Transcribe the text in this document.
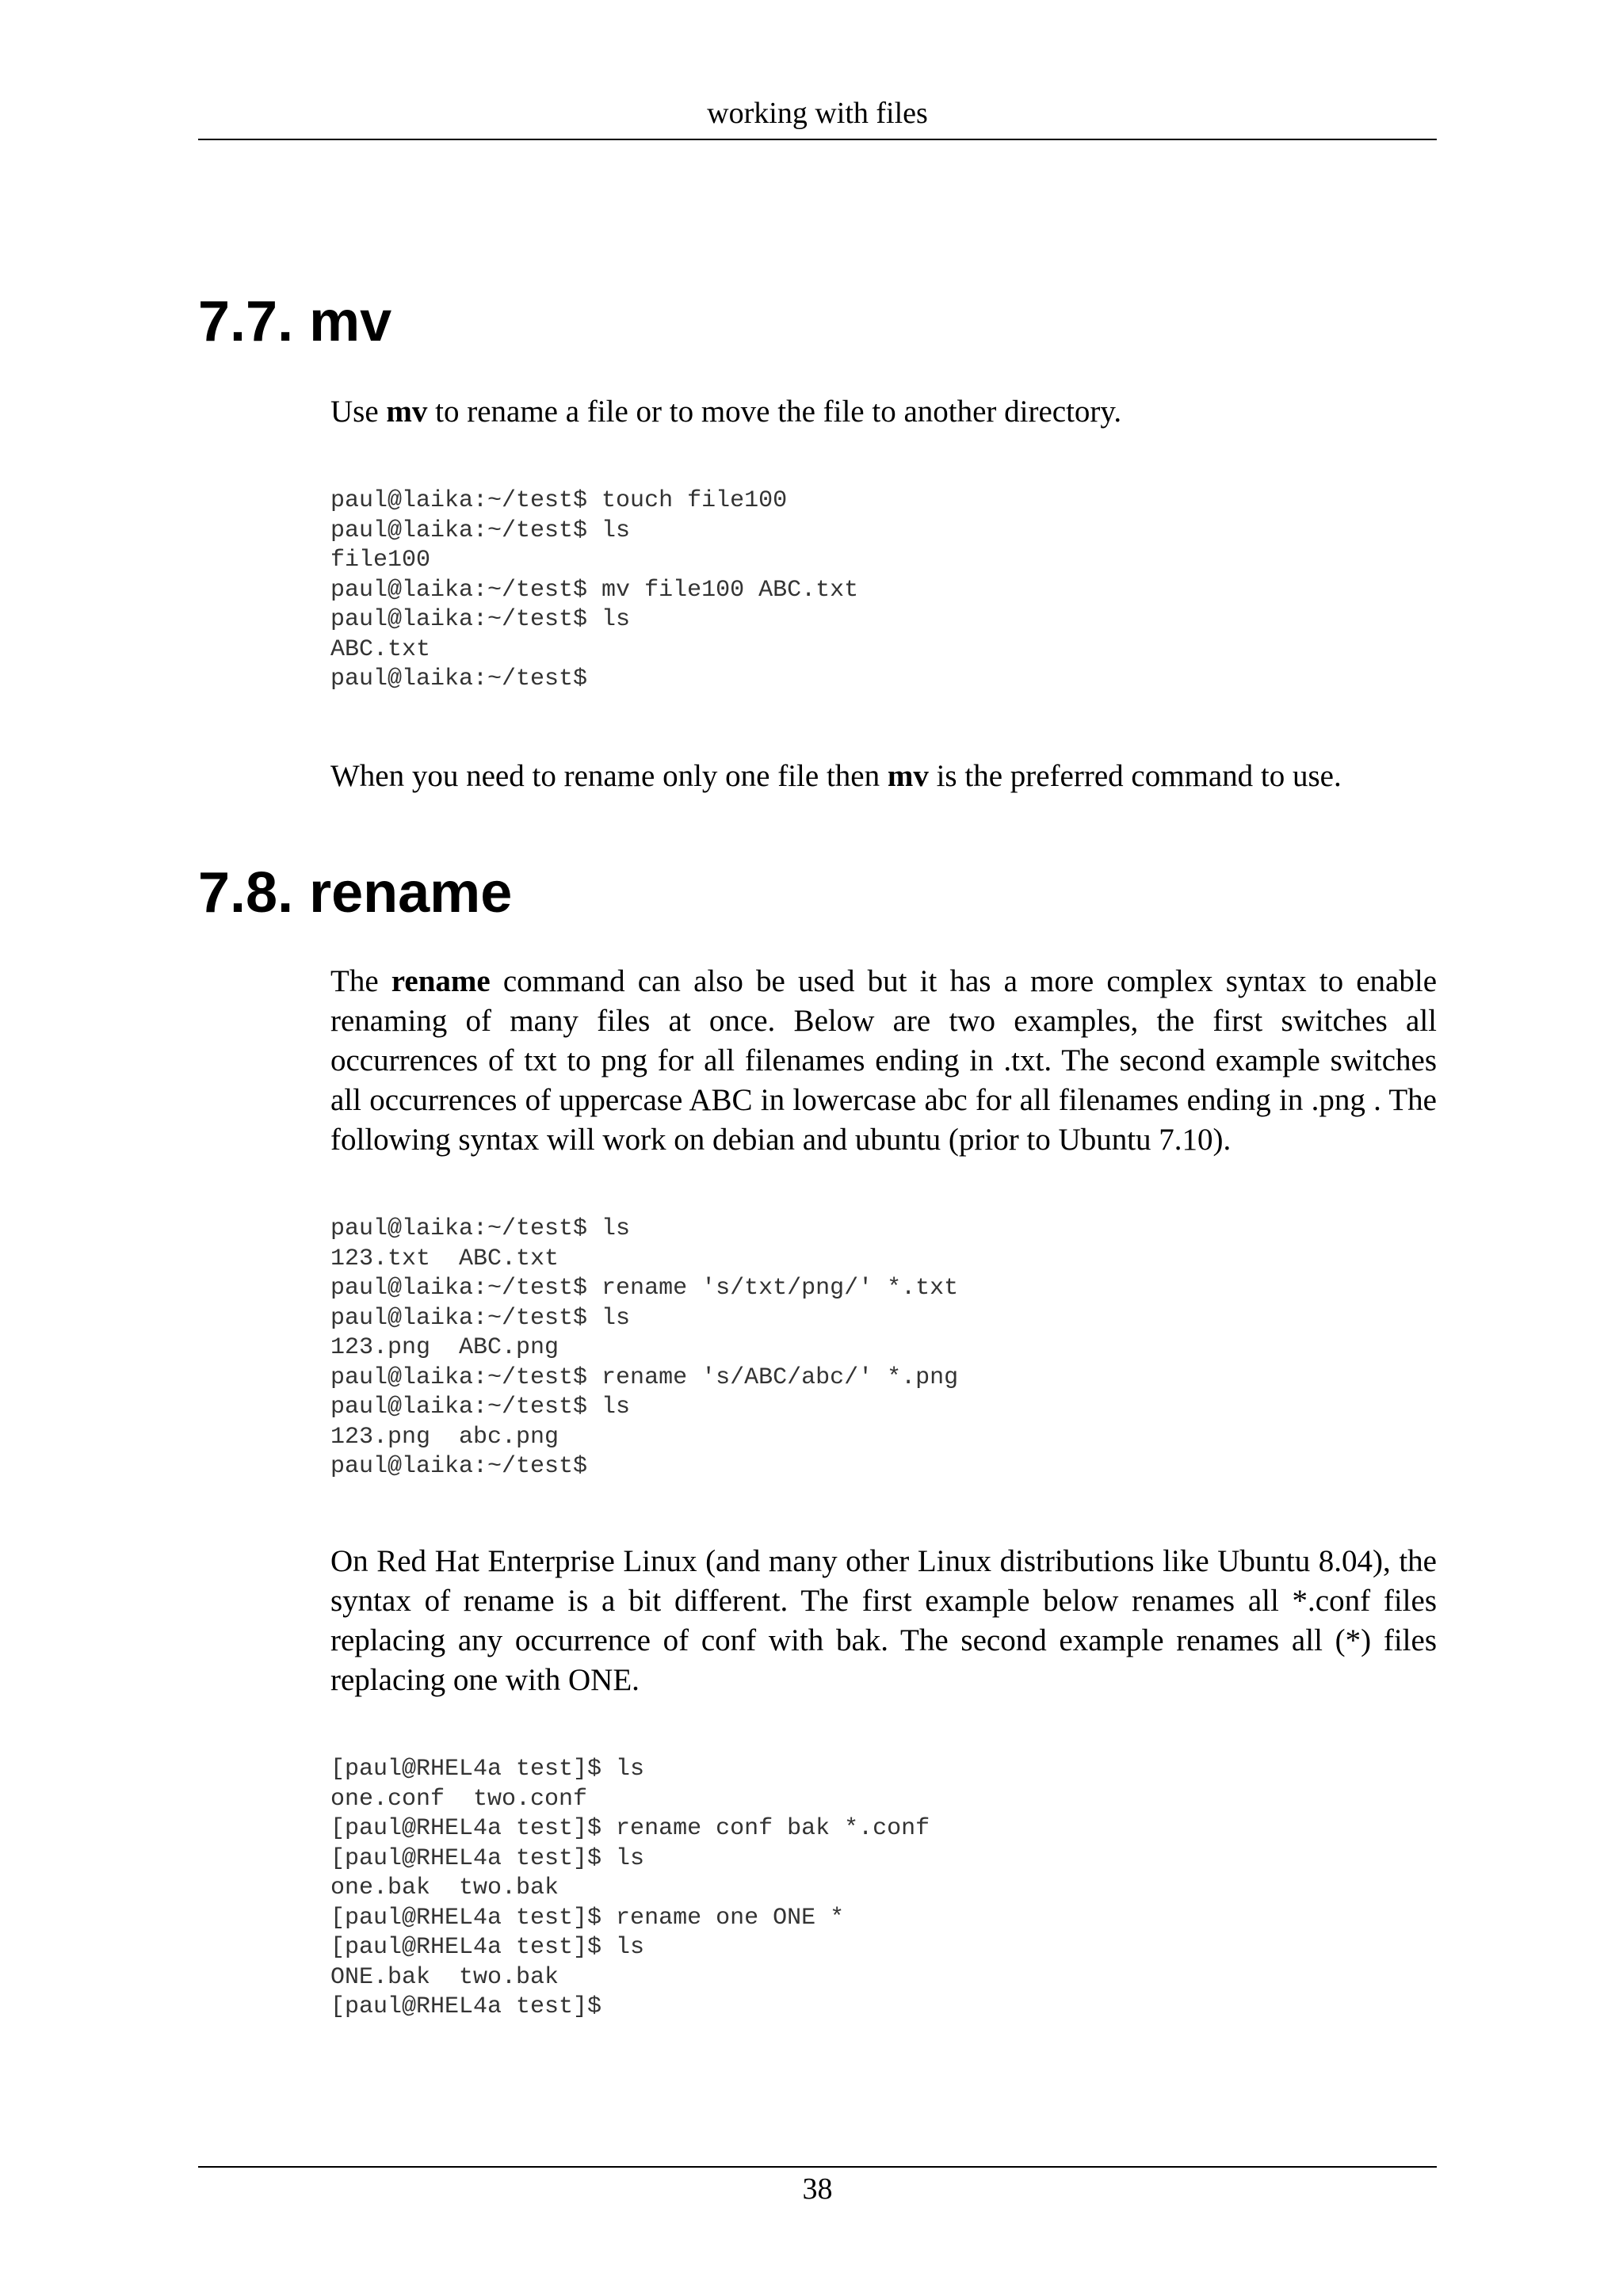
working with files
7.7. mv

Use mv to rename a file or to move the file to another directory.

paul@laika:~/test$ touch file100
paul@laika:~/test$ ls
file100
paul@laika:~/test$ mv file100 ABC.txt
paul@laika:~/test$ ls
ABC.txt
paul@laika:~/test$

When you need to rename only one file then mv is the preferred command to use.

7.8. rename

The rename command can also be used but it has a more complex syntax to enable renaming of many files at once. Below are two examples, the first switches all occurrences of txt to png for all filenames ending in .txt. The second example switches all occurrences of uppercase ABC in lowercase abc for all filenames ending in .png . The following syntax will work on debian and ubuntu (prior to Ubuntu 7.10).

paul@laika:~/test$ ls
123.txt  ABC.txt
paul@laika:~/test$ rename 's/txt/png/' *.txt
paul@laika:~/test$ ls
123.png  ABC.png
paul@laika:~/test$ rename 's/ABC/abc/' *.png
paul@laika:~/test$ ls
123.png  abc.png
paul@laika:~/test$

On Red Hat Enterprise Linux (and many other Linux distributions like Ubuntu 8.04), the syntax of rename is a bit different. The first example below renames all *.conf files replacing any occurrence of conf with bak. The second example renames all (*) files replacing one with ONE.

[paul@RHEL4a test]$ ls
one.conf  two.conf
[paul@RHEL4a test]$ rename conf bak *.conf
[paul@RHEL4a test]$ ls
one.bak  two.bak
[paul@RHEL4a test]$ rename one ONE *
[paul@RHEL4a test]$ ls
ONE.bak  two.bak
[paul@RHEL4a test]$
38
